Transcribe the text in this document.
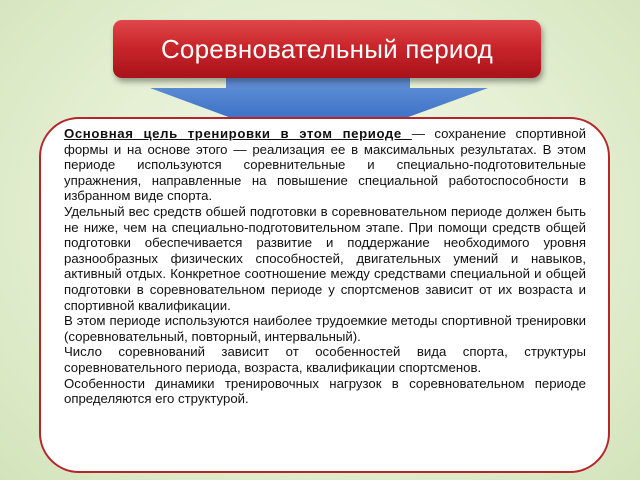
Соревновательный период

Основная цель тренировки в этом периоде — сохранение спортивной формы и на основе этого — реализация ее в максимальных результатах. В этом периоде используются соревнительные и специально-подготовительные упражнения, направленные на повышение специальной работоспособности в избранном виде спорта.

Удельный вес средств обшей подготовки в соревновательном периоде должен быть не ниже, чем на специально-подготовительном этапе. При помощи средств общей подготовки обеспечивается развитие и поддержание необходимого уровня разнообразных физических способностей, двигательных умений и навыков, активный отдых. Конкретное соотношение между средствами специальной и общей подготовки в соревновательном периоде у спортсменов зависит от их возраста и спортивной квалификации.

В этом периоде используются наиболее трудоемкие методы спортивной тренировки (соревновательный, повторный, интервальный).

Число соревнований зависит от особенностей вида спорта, структуры соревновательного периода, возраста, квалификации спортсменов.

Особенности динамики тренировочных нагрузок в соревновательном периоде определяются его структурой.
